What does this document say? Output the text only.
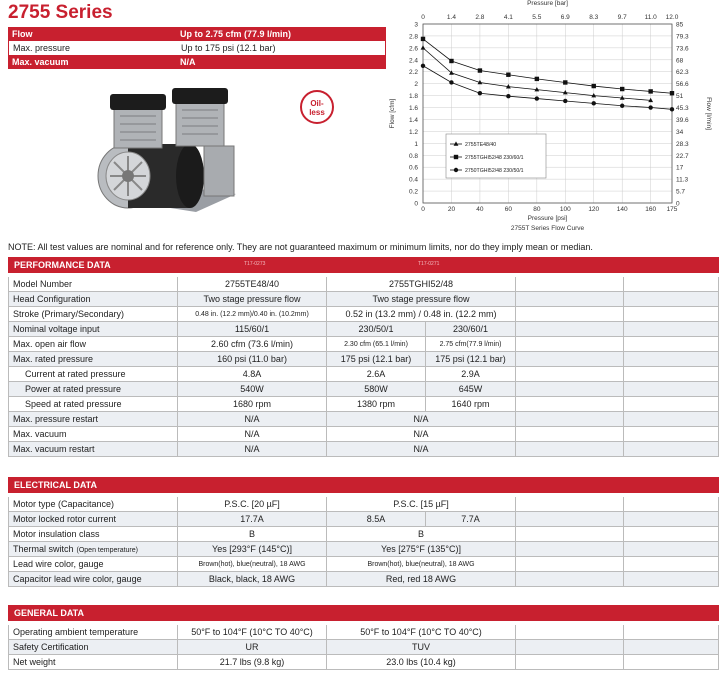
2755 Series
Flow	Up to 2.75 cfm (77.9 l/min)
Max. pressure	Up to 175 psi (12.1 bar)
Max. vacuum	N/A
Oil-
less
0	0
0.2	5.7
0.4	11.3
0.6	17
0.8	22.7
1	28.3
1.2	34
1.4	39.6
1.6	45.3
1.8	51
2	56.6
2.2	62.3
2.4	68
2.6	73.6
2.8	79.3
3	85
0
0
20
1.4
40
2.8
60
4.1
80
5.5
100
6.9
120
8.3
140
9.7
160
11.0
175
12.0
Pressure [psi]
2755T Series Flow Curve
Pressure [bar]
Flow [cfm]	Flow [l/min]
2755TE48/40
2755TGHI52/48 230/60/1
2750TGHI52/48 230/50/1
NOTE: All test values are nominal and for reference only. They are not guaranteed maximum or minimum limits, nor do they imply mean or median.
PERFORMANCE DATA	T17-0273	T17-0271
Model Number	2755TE48/40	2755TGHI52/48
Head Configuration	Two stage pressure flow	Two stage pressure flow
Stroke (Primary/Secondary)	0.48 in. (12.2 mm)/0.40 in. (10.2mm)	0.52 in (13.2 mm) / 0.48 in. (12.2 mm)
Nominal voltage input	115/60/1	230/50/1	230/60/1
Max. open air flow	2.60 cfm (73.6 l/min)	2.30 cfm (65.1 l/min)	2.75 cfm(77.9 l/min)
Max. rated pressure	160 psi (11.0 bar)	175 psi (12.1 bar)	175 psi (12.1 bar)
Current at rated pressure	4.8A	2.6A	2.9A
Power at rated pressure	540W	580W	645W
Speed at rated pressure	1680 rpm	1380 rpm	1640 rpm
Max. pressure restart	N/A	N/A
Max. vacuum	N/A	N/A
Max. vacuum restart	N/A	N/A
ELECTRICAL DATA
Motor type (Capacitance)	P.S.C. [20 µF]	P.S.C. [15 µF]
Motor locked rotor current	17.7A	8.5A	7.7A
Motor insulation class	B	B
Thermal switch (Open temperature)	Yes [293°F (145°C)]	Yes [275°F (135°C)]
Lead wire color, gauge	Brown(hot), blue(neutral), 18 AWG	Brown(hot), blue(neutral), 18 AWG
Capacitor lead wire color, gauge	Black, black, 18 AWG	Red, red 18 AWG
GENERAL DATA
Operating ambient temperature	50°F to 104°F (10°C TO 40°C)	50°F to 104°F (10°C TO 40°C)
Safety Certification	UR	TUV
Net weight	21.7 lbs (9.8 kg)	23.0 lbs (10.4 kg)
